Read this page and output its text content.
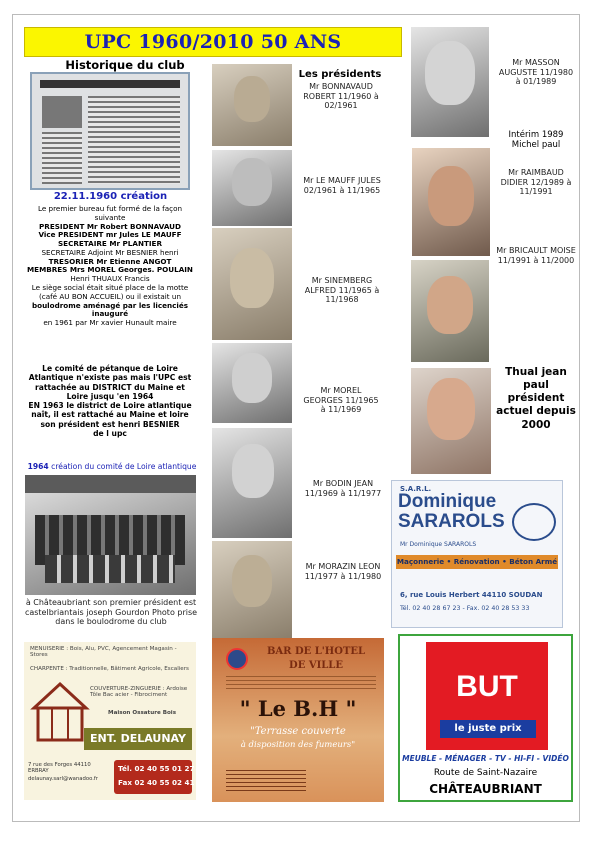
UPC 1960/2010 50 ANS
Historique du club
22.11.1960 création
Le premier bureau fut formé de la façon
suivante
PRESIDENT Mr Robert BONNAVAUD
Vice PRESIDENT mr Jules LE MAUFF
SECRETAIRE Mr PLANTIER
SECRETAIRE Adjoint Mr BESNIER henri
TRESORIER Mr Etienne ANGOT
MEMBRES Mrs MOREL Georges. POULAIN
Henri THUAUX Francis
Le siège social était situé place de la motte
(café AU BON ACCUEIL) ou il existait un
boulodrome aménagé par les licenciés inauguré
en 1961 par Mr xavier Hunault maire
Le comité de pétanque de Loire
Atlantique n'existe pas mais l'UPC est
rattachée au DISTRICT du Maine et
Loire jusqu 'en 1964
EN 1963 le district de Loire atlantique
naît, il est rattaché au Maine et loire
son président est henri BESNIER
de l upc
1964 création du comité de Loire atlantique
à Châteaubriant son premier président est castelbriantais joseph Gourdon Photo prise dans le boulodrome du club
Les présidents
Mr BONNAVAUD ROBERT 11/1960 à 02/1961
Mr LE MAUFF JULES 02/1961 à 11/1965
Mr SINEMBERG ALFRED 11/1965 à 11/1968
Mr MOREL GEORGES 11/1965 à 11/1969
Mr BODIN JEAN 11/1969 à 11/1977
Mr MORAZIN LEON 11/1977 à 11/1980
Mr MASSON AUGUSTE 11/1980 à 01/1989
Intérim 1989 Michel paul
Mr RAIMBAUD DIDIER 12/1989 à 11/1991
Mr BRICAULT MOISE 11/1991 à 11/2000
Thual jean paul président actuel depuis 2000
S.A.R.L.
Dominique
SARAROLS
Mr Dominique SARAROLS
Maçonnerie • Rénovation • Béton Armé
6, rue Louis Herbert 44110 SOUDAN
Tél. 02 40 28 67 23 - Fax. 02 40 28 53 33
MENUISERIE : Bois, Alu, PVC, Agencement Magasin - Stores
CHARPENTE : Traditionnelle, Bâtiment Agricole, Escaliers
COUVERTURE-ZINGUERIE : Ardoise Tôle Bac acier - Fibrociment
Maison Ossature Bois
ENT. DELAUNAY
7 rue des Forges 44110 ERBRAY
delaunay.sarl@wanadoo.fr
Tél. 02 40 55 01 27
Fax 02 40 55 02 41
BAR DE L'HOTEL
DE VILLE
" Le B.H "
"Terrasse couverte
à disposition des fumeurs"
BUT
le juste prix
MEUBLE - MÉNAGER - TV - HI-FI - VIDÉO
Route de Saint-Nazaire
CHÂTEAUBRIANT
